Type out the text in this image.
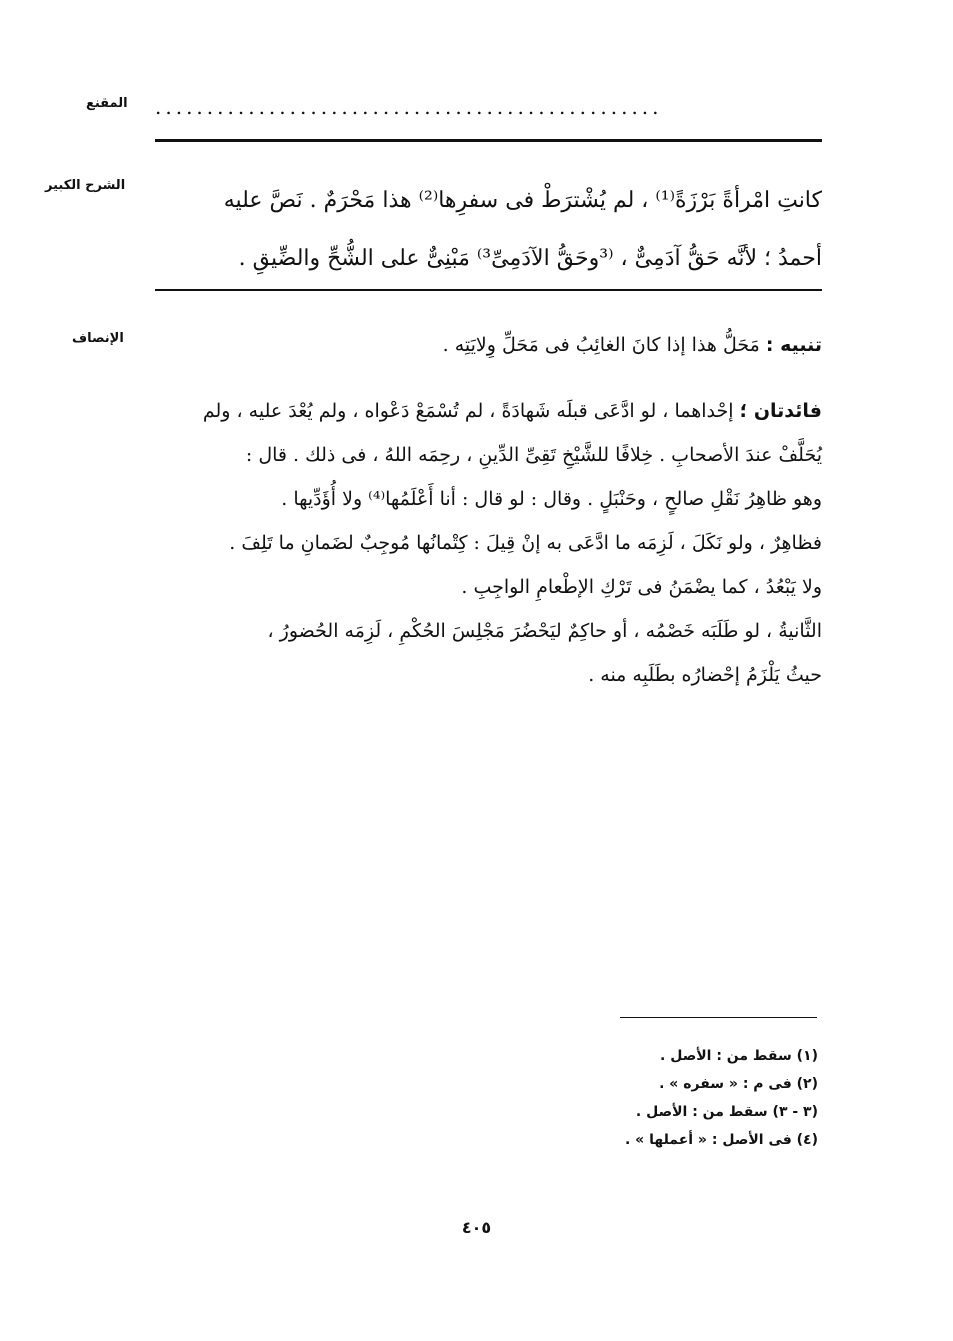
المقنع .................................................
الشرح الكبير
كانتِ امْرأةً بَرْزَةً⁽¹⁾ ، لم يُشْترَطْ فى سفرِها⁽²⁾ هذا مَحْرَمٌ . نَصَّ عليه
أحمدُ ؛ لأنَّه حَقُّ آدَمِىٌّ ، ⁽³وحَقُّ الآدَمِىِّ³⁾ مَبْنِىٌّ على الشُّحِّ والضِّيقِ .
الإنصاف	تنبيه : مَحَلُّ هذا إذا كانَ الغائِبُ فى مَحَلِّ وِلايَتِه .
فائدتان ؛ إحْداهما ، لو ادَّعَى قبلَه شَهادَةً ، لم تُسْمَعْ دَعْواه ، ولم يُعْدَ عليه ، ولم
يُحَلَّفْ عندَ الأصحابِ . خِلافًا للشَّيْخِ تَقِىِّ الدِّينِ ، رحِمَه اللهُ ، فى ذلك . قال :
وهو ظاهِرُ نَقْلِ صالحٍ ، وحَنْبَلٍ . وقال : لو قال : أنا أَعْلَمُها⁽⁴⁾ ولا أُؤَدِّيها .
فظاهِرٌ ، ولو نَكَلَ ، لَزِمَه ما ادَّعَى به إنْ قِيلَ : كِتْمانُها مُوجِبٌ لضَمانِ ما تَلِفَ .
ولا يَبْعُدُ ، كما يضْمَنُ فى تَرْكِ الإطْعامِ الواجِبِ .
الثَّانيةُ ، لو طَلَبَه خَصْمُه ، أو حاكِمٌ ليَحْضُرَ مَجْلِسَ الحُكْمِ ، لَزِمَه الحُضورُ ،
حيثُ يَلْزَمُ إحْضارُه بطَلَبِه منه .
(١) سقط من : الأصل .
(٢) فى م : « سفره » .
(٣ - ٣) سقط من : الأصل .
(٤) فى الأصل : « أعملها » .
٤٠٥
